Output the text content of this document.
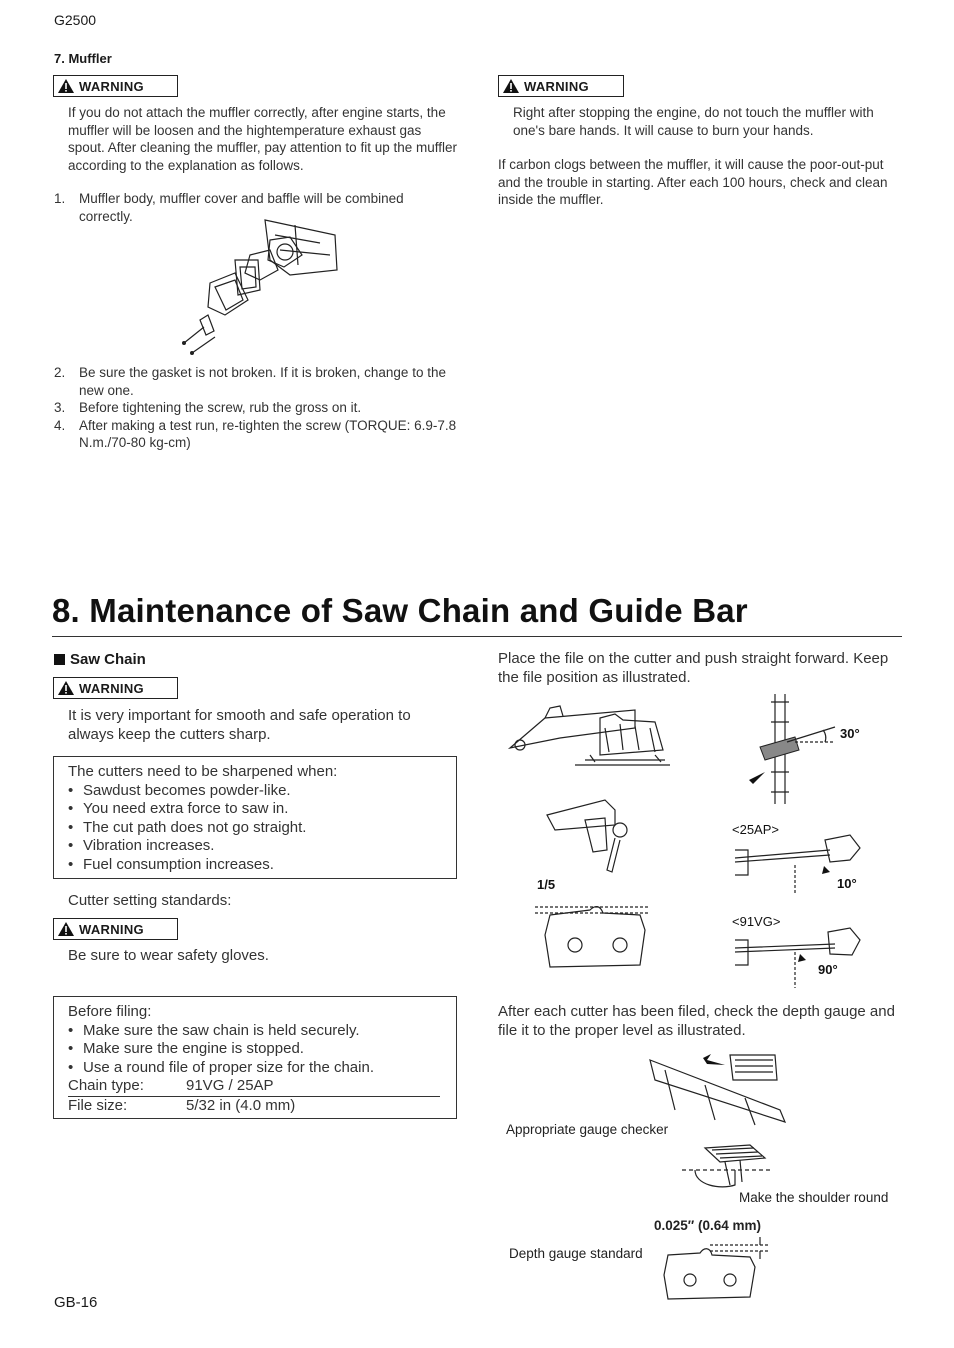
G2500
7. Muffler
WARNING
If you do not attach the muffler correctly, after engine starts, the muffler will be loosen and the hightemperature exhaust gas spout. After cleaning the muffler, pay attention to fit up the muffler according to the explanation as follows.
1.	Muffler body, muffler cover and baffle will be combined correctly.
2.	Be sure the gasket is not broken. If it is broken, change to the new one.
3.	Before tightening the screw, rub the gross on it.
4.	After making a test run, re-tighten the screw (TORQUE: 6.9-7.8 N.m./70-80 kg-cm)
WARNING
Right after stopping the engine, do not touch the muffler with one's bare hands. It will cause to burn your hands.
If carbon clogs between the muffler, it will cause the poor-out-put and the trouble in starting. After each 100 hours, check and clean inside the muffler.
8. Maintenance of Saw Chain and Guide Bar
Saw Chain
WARNING
It is very important for smooth and safe operation to always keep the cutters sharp.
The cutters need to be sharpened when:
• Sawdust becomes powder-like.
• You need extra force to saw in.
• The cut path does not go straight.
• Vibration increases.
• Fuel consumption increases.
Cutter setting standards:
WARNING
Be sure to wear safety gloves.
Before filing:
• Make sure the saw chain is held securely.
• Make sure the engine is stopped.
• Use a round file of proper size for the chain.
Chain type:	91VG / 25AP
File size:	5/32 in (4.0 mm)
Place the file on the cutter and push straight forward. Keep the file position as illustrated.
30°
<25AP>
10°
1/5
<91VG>
90°
After each cutter has been filed, check the depth gauge and file it to the proper level as illustrated.
Appropriate gauge checker
Make the shoulder round
0.025″ (0.64 mm)
Depth gauge standard
GB-16
